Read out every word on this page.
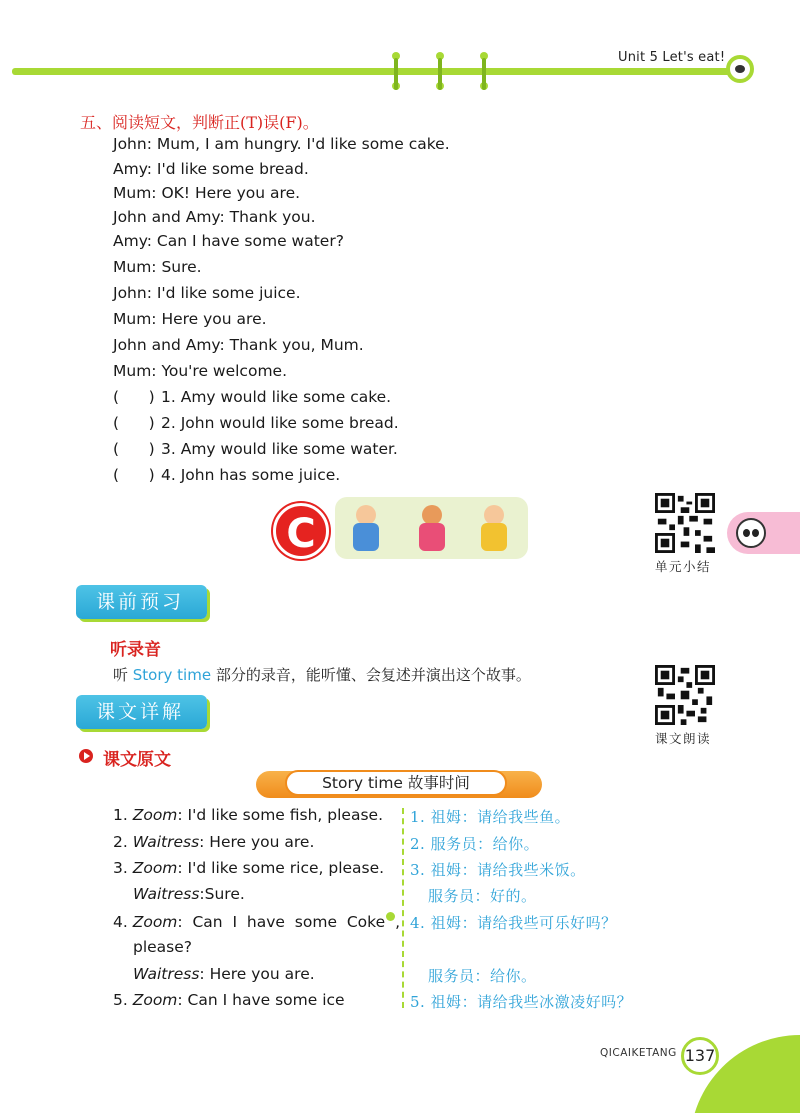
Unit 5 Let's eat!
五、阅读短文，判断正(T)误(F)。
John: Mum, I am hungry. I'd like some cake.
Amy: I'd like some bread.
Mum: OK! Here you are.
John and Amy: Thank you.
Amy: Can I have some water?
Mum: Sure.
John: I'd like some juice.
Mum: Here you are.
John and Amy: Thank you, Mum.
Mum: You're welcome.
(      ) 1. Amy would like some cake.
(      ) 2. John would like some bread.
(      ) 3. Amy would like some water.
(      ) 4. John has some juice.
C
单元小结
课前预习
听录音
听 Story time 部分的录音，能听懂、会复述并演出这个故事。
课文朗读
课文详解
课文原文
Story time 故事时间
1. Zoom: I'd like some fish, please.
2. Waitress: Here you are.
3. Zoom: I'd like some rice, please.
Waitress:Sure.
4. Zoom:  Can  I  have  some  Coke ,
please?
Waitress: Here you are.
5. Zoom: Can I have some ice
1. 祖姆：请给我些鱼。
2. 服务员：给你。
3. 祖姆：请给我些米饭。
服务员：好的。
4. 祖姆：请给我些可乐好吗？
服务员：给你。
5. 祖姆：请给我些冰激凌好吗？
QICAIKETANG 137
